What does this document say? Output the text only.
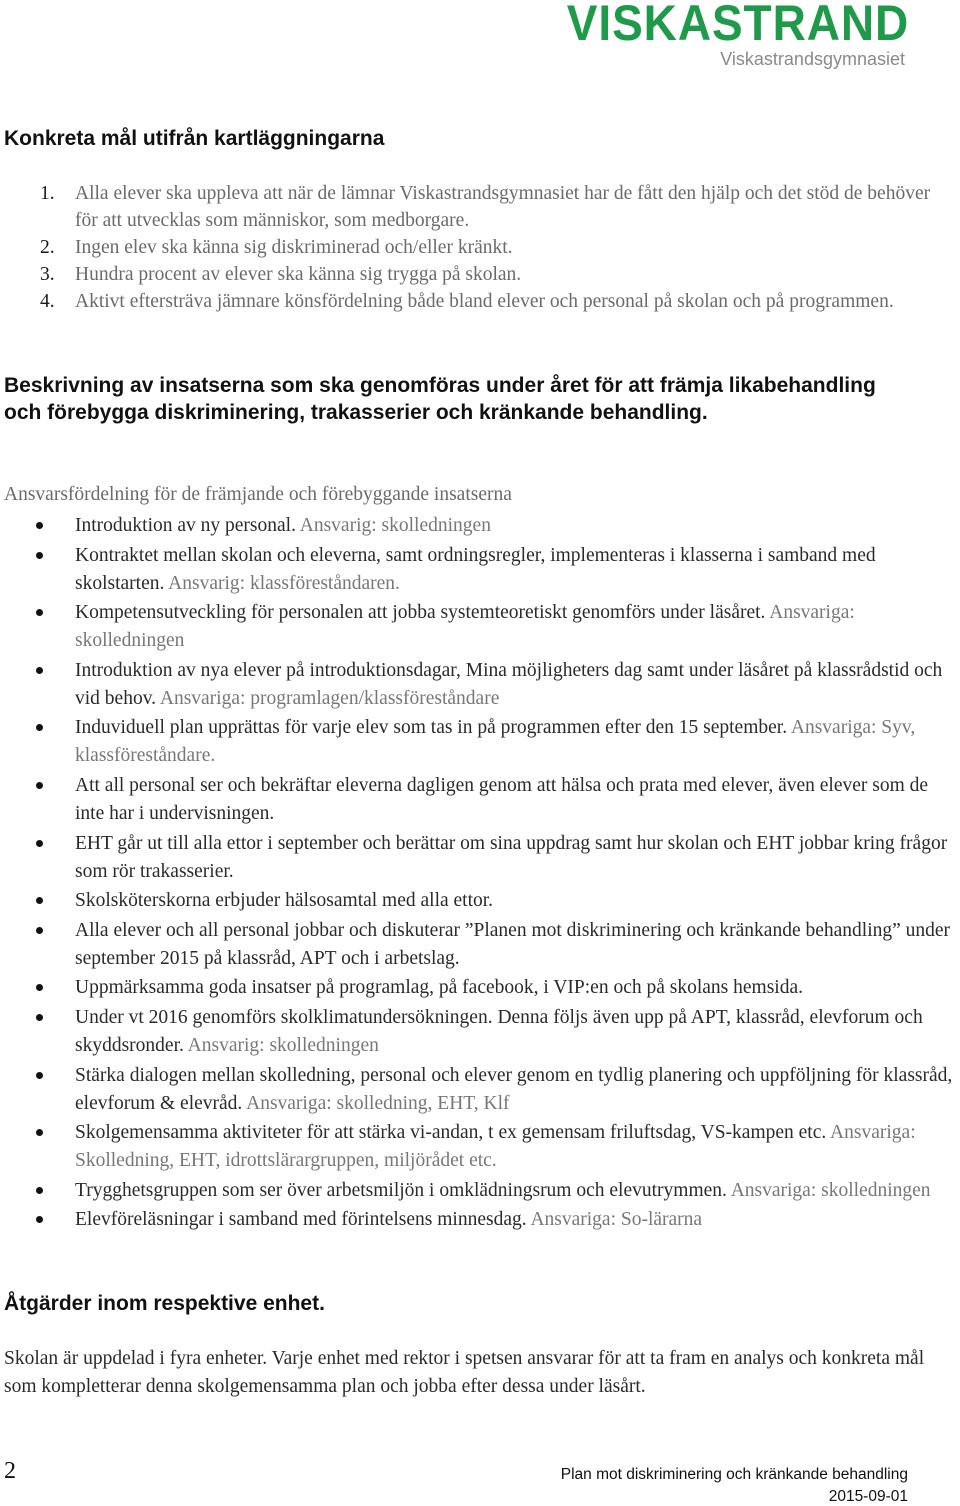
VISKASTRAND
Viskastrandsgymnasiet
Konkreta mål utifrån kartläggningarna
1. Alla elever ska uppleva att när de lämnar Viskastrandsgymnasiet har de fått den hjälp och det stöd de behöver för att utvecklas som människor, som medborgare.
2. Ingen elev ska känna sig diskriminerad och/eller kränkt.
3. Hundra procent av elever ska känna sig trygga på skolan.
4. Aktivt eftersträva jämnare könsfördelning både bland elever och personal på skolan och på programmen.
Beskrivning av insatserna som ska genomföras under året för att främja likabehandling och förebygga diskriminering, trakasserier och kränkande behandling.

Ansvarsfördelning för de främjande och förebyggande insatserna

Introduktion av ny personal. Ansvarig: skolledningen
Kontraktet mellan skolan och eleverna, samt ordningsregler, implementeras i klasserna i samband med skolstarten. Ansvarig: klassföreståndaren.
Kompetensutveckling för personalen att jobba systemteoretiskt genomförs under läsåret. Ansvariga: skolledningen
Introduktion av nya elever på introduktionsdagar, Mina möjligheters dag samt under läsåret på klassrådstid och vid behov. Ansvariga: programlagen/klassföreståndare
Induviduell plan upprättas för varje elev som tas in på programmen efter den 15 september. Ansvariga: Syv, klassföreståndare.
Att all personal ser och bekräftar eleverna dagligen genom att hälsa och prata med elever, även elever som de inte har i undervisningen.
EHT går ut till alla ettor i september och berättar om sina uppdrag samt hur skolan och EHT jobbar kring frågor som rör trakasserier.
Skolsköterskorna erbjuder hälsosamtal med alla ettor.
Alla elever och all personal jobbar och diskuterar ”Planen mot diskriminering och kränkande behandling” under september 2015 på klassråd, APT och i arbetslag.
Uppmärksamma goda insatser på programlag, på facebook, i VIP:en och på skolans hemsida.
Under vt 2016 genomförs skolklimatundersökningen. Denna följs även upp på APT, klassråd, elevforum och skyddsronder. Ansvarig: skolledningen
Stärka dialogen mellan skolledning, personal och elever genom en tydlig planering och uppföljning för klassråd, elevforum & elevråd. Ansvariga: skolledning, EHT, Klf
Skolgemensamma aktiviteter för att stärka vi-andan, t ex gemensam friluftsdag, VS-kampen etc. Ansvariga: Skolledning, EHT, idrottslärargruppen, miljörådet etc.
Trygghetsgruppen som ser över arbetsmiljön i omklädningsrum och elevutrymmen. Ansvariga: skolledningen
Elevföreläsningar i samband med förintelsens minnesdag. Ansvariga: So-lärarna
Åtgärder inom respektive enhet.

Skolan är uppdelad i fyra enheter. Varje enhet med rektor i spetsen ansvarar för att ta fram en analys och konkreta mål som kompletterar denna skolgemensamma plan och jobba efter dessa under läsårt.

2	Plan mot diskriminering och kränkande behandling
2015-09-01
